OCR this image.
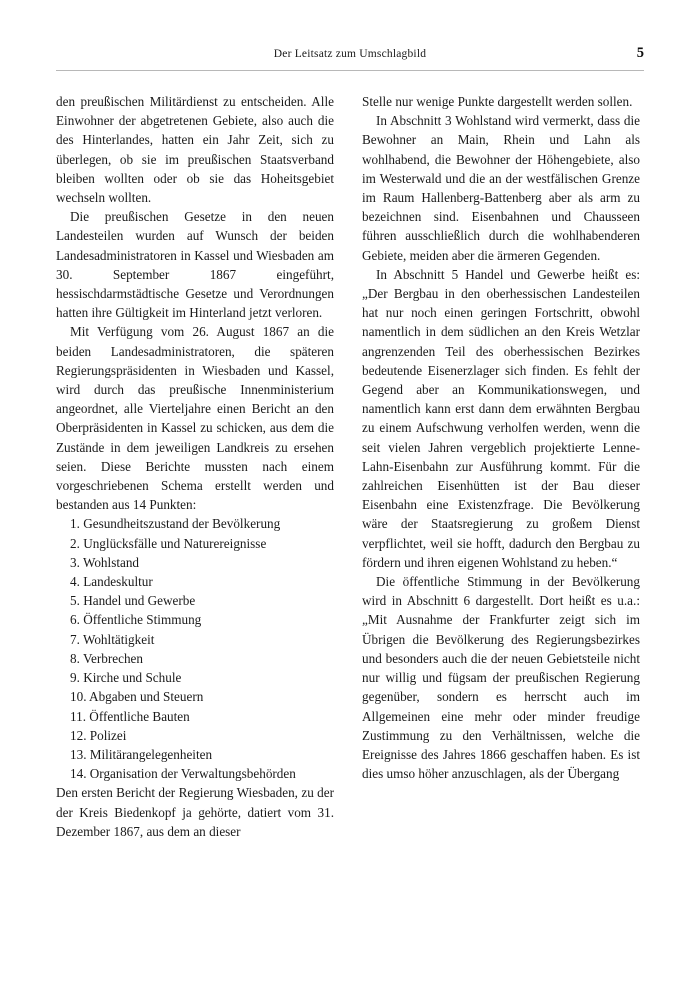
Der Leitsatz zum Umschlagbild	5

den preußischen Militärdienst zu entscheiden. Alle Einwohner der abgetretenen Gebiete, also auch die des Hinterlandes, hatten ein Jahr Zeit, sich zu überlegen, ob sie im preußischen Staatsverband bleiben wollten oder ob sie das Hoheitsgebiet wechseln wollten.

Die preußischen Gesetze in den neuen Landesteilen wurden auf Wunsch der beiden Landesadministratoren in Kassel und Wiesbaden am 30. September 1867 eingeführt, hessischdarmstädtische Gesetze und Verordnungen hatten ihre Gültigkeit im Hinterland jetzt verloren.

Mit Verfügung vom 26. August 1867 an die beiden Landesadministratoren, die späteren Regierungspräsidenten in Wiesbaden und Kassel, wird durch das preußische Innenministerium angeordnet, alle Vierteljahre einen Bericht an den Oberpräsidenten in Kassel zu schicken, aus dem die Zustände in dem jeweiligen Landkreis zu ersehen seien. Diese Berichte mussten nach einem vorgeschriebenen Schema erstellt werden und bestanden aus 14 Punkten:

1. Gesundheitszustand der Bevölkerung
2. Unglücksfälle und Naturereignisse
3. Wohlstand
4. Landeskultur
5. Handel und Gewerbe
6. Öffentliche Stimmung
7. Wohltätigkeit
8. Verbrechen
9. Kirche und Schule
10. Abgaben und Steuern
11. Öffentliche Bauten
12. Polizei
13. Militärangelegenheiten
14. Organisation der Verwaltungsbehörden

Den ersten Bericht der Regierung Wiesbaden, zu der der Kreis Biedenkopf ja gehörte, datiert vom 31. Dezember 1867, aus dem an dieser

Stelle nur wenige Punkte dargestellt werden sollen.

In Abschnitt 3 Wohlstand wird vermerkt, dass die Bewohner an Main, Rhein und Lahn als wohlhabend, die Bewohner der Höhengebiete, also im Westerwald und die an der westfälischen Grenze im Raum Hallenberg-Battenberg aber als arm zu bezeichnen sind. Eisenbahnen und Chausseen führen ausschließlich durch die wohlhabenderen Gebiete, meiden aber die ärmeren Gegenden.

In Abschnitt 5 Handel und Gewerbe heißt es: „Der Bergbau in den oberhessischen Landesteilen hat nur noch einen geringen Fortschritt, obwohl namentlich in dem südlichen an den Kreis Wetzlar angrenzenden Teil des oberhessischen Bezirkes bedeutende Eisenerzlager sich finden. Es fehlt der Gegend aber an Kommunikationswegen, und namentlich kann erst dann dem erwähnten Bergbau zu einem Aufschwung verholfen werden, wenn die seit vielen Jahren vergeblich projektierte Lenne-Lahn-Eisenbahn zur Ausführung kommt. Für die zahlreichen Eisenhütten ist der Bau dieser Eisenbahn eine Existenzfrage. Die Bevölkerung wäre der Staatsregierung zu großem Dienst verpflichtet, weil sie hofft, dadurch den Bergbau zu fördern und ihren eigenen Wohlstand zu heben.“

Die öffentliche Stimmung in der Bevölkerung wird in Abschnitt 6 dargestellt. Dort heißt es u.a.: „Mit Ausnahme der Frankfurter zeigt sich im Übrigen die Bevölkerung des Regierungsbezirkes und besonders auch die der neuen Gebietsteile nicht nur willig und fügsam der preußischen Regierung gegenüber, sondern es herrscht auch im Allgemeinen eine mehr oder minder freudige Zustimmung zu den Verhältnissen, welche die Ereignisse des Jahres 1866 geschaffen haben. Es ist dies umso höher anzuschlagen, als der Übergang
